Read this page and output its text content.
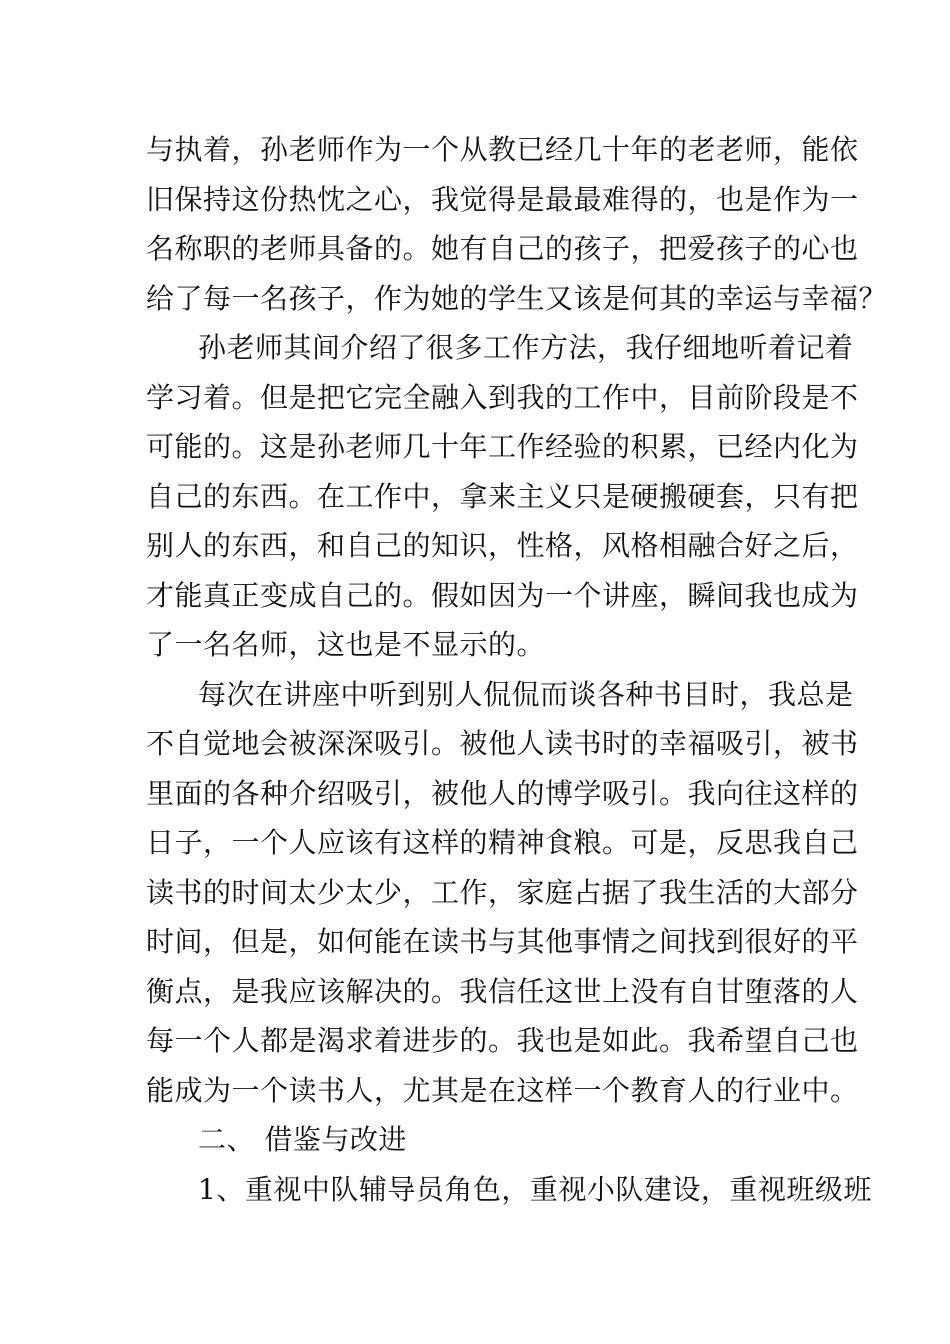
与执着，孙老师作为一个从教已经几十年的老老师，能依
旧保持这份热忱之心，我觉得是最最难得的，也是作为一
名称职的老师具备的。她有自己的孩子，把爱孩子的心也
给了每一名孩子，作为她的学生又该是何其的幸运与幸福？
孙老师其间介绍了很多工作方法，我仔细地听着记着
学习着。但是把它完全融入到我的工作中，目前阶段是不
可能的。这是孙老师几十年工作经验的积累，已经内化为
自己的东西。在工作中，拿来主义只是硬搬硬套，只有把
别人的东西，和自己的知识，性格，风格相融合好之后，
才能真正变成自己的。假如因为一个讲座，瞬间我也成为
了一名名师，这也是不显示的。
每次在讲座中听到别人侃侃而谈各种书目时，我总是
不自觉地会被深深吸引。被他人读书时的幸福吸引，被书
里面的各种介绍吸引，被他人的博学吸引。我向往这样的
日子，一个人应该有这样的精神食粮。可是，反思我自己
读书的时间太少太少，工作，家庭占据了我生活的大部分
时间，但是，如何能在读书与其他事情之间找到很好的平
衡点，是我应该解决的。我信任这世上没有自甘堕落的人
每一个人都是渴求着进步的。我也是如此。我希望自己也
能成为一个读书人，尤其是在这样一个教育人的行业中。
二、 借鉴与改进
1、重视中队辅导员角色，重视小队建设，重视班级班
